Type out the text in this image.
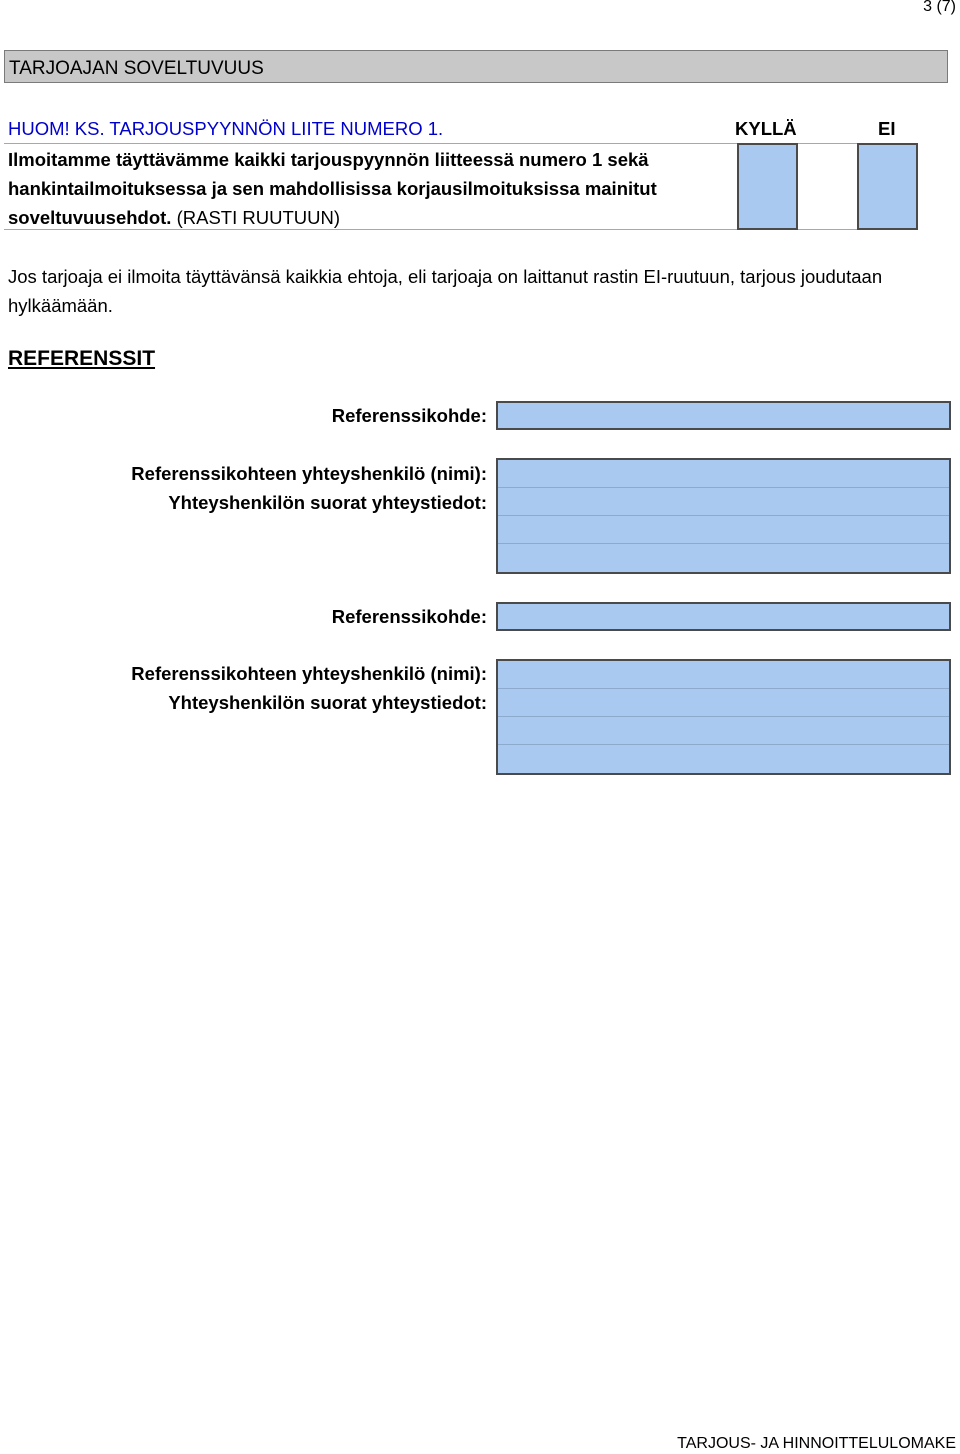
3 (7)
TARJOAJAN SOVELTUVUUS
HUOM! KS. TARJOUSPYYNNÖN LIITE NUMERO 1.	KYLLÄ	EI
Ilmoitamme täyttävämme kaikki tarjouspyynnön liitteessä numero 1 sekä hankintailmoituksessa ja sen mahdollisissa korjausilmoituksissa mainitut soveltuvuusehdot. (RASTI RUUTUUN)
Jos tarjoaja ei ilmoita täyttävänsä kaikkia ehtoja, eli tarjoaja on laittanut rastin EI-ruutuun, tarjous joudutaan hylkäämään.
REFERENSSIT
Referenssikohde:
Referenssikohteen yhteyshenkilö (nimi):
Yhteyshenkilön suorat yhteystiedot:
Referenssikohde:
Referenssikohteen yhteyshenkilö (nimi):
Yhteyshenkilön suorat yhteystiedot:
TARJOUS- JA HINNOITTELULOMAKE
